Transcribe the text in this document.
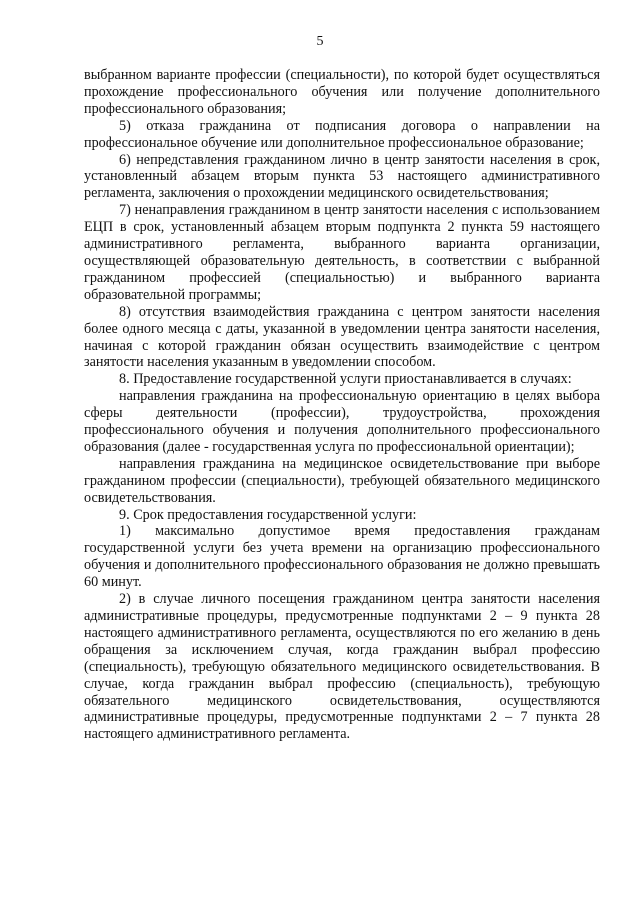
5

выбранном варианте профессии (специальности), по которой будет осуществляться прохождение профессионального обучения или получение дополнительного профессионального образования;

5) отказа гражданина от подписания договора о направлении на профессиональное обучение или дополнительное профессиональное образование;

6) непредставления гражданином лично в центр занятости населения в срок, установленный абзацем вторым пункта 53 настоящего административного регламента, заключения о прохождении медицинского освидетельствования;

7) ненаправления гражданином в центр занятости населения с использованием ЕЦП в срок, установленный абзацем вторым подпункта 2 пункта 59 настоящего административного регламента, выбранного варианта организации, осуществляющей образовательную деятельность, в соответствии с выбранной гражданином профессией (специальностью) и выбранного варианта образовательной программы;

8) отсутствия взаимодействия гражданина с центром занятости населения более одного месяца с даты, указанной в уведомлении центра занятости населения, начиная с которой гражданин обязан осуществить взаимодействие с центром занятости населения указанным в уведомлении способом.

8. Предоставление государственной услуги приостанавливается в случаях:

направления гражданина на профессиональную ориентацию в целях выбора сферы деятельности (профессии), трудоустройства, прохождения профессионального обучения и получения дополнительного профессионального образования (далее - государственная услуга по профессиональной ориентации);

направления гражданина на медицинское освидетельствование при выборе гражданином профессии (специальности), требующей обязательного медицинского освидетельствования.

9. Срок предоставления государственной услуги:

1) максимально допустимое время предоставления гражданам государственной услуги без учета времени на организацию профессионального обучения и дополнительного профессионального образования не должно превышать 60 минут.

2) в случае личного посещения гражданином центра занятости населения административные процедуры, предусмотренные подпунктами 2 – 9 пункта 28 настоящего административного регламента, осуществляются по его желанию в день обращения за исключением случая, когда гражданин выбрал профессию (специальность), требующую обязательного медицинского освидетельствования. В случае, когда гражданин выбрал профессию (специальность), требующую обязательного медицинского освидетельствования, осуществляются административные процедуры, предусмотренные подпунктами 2 – 7 пункта 28 настоящего административного регламента.
